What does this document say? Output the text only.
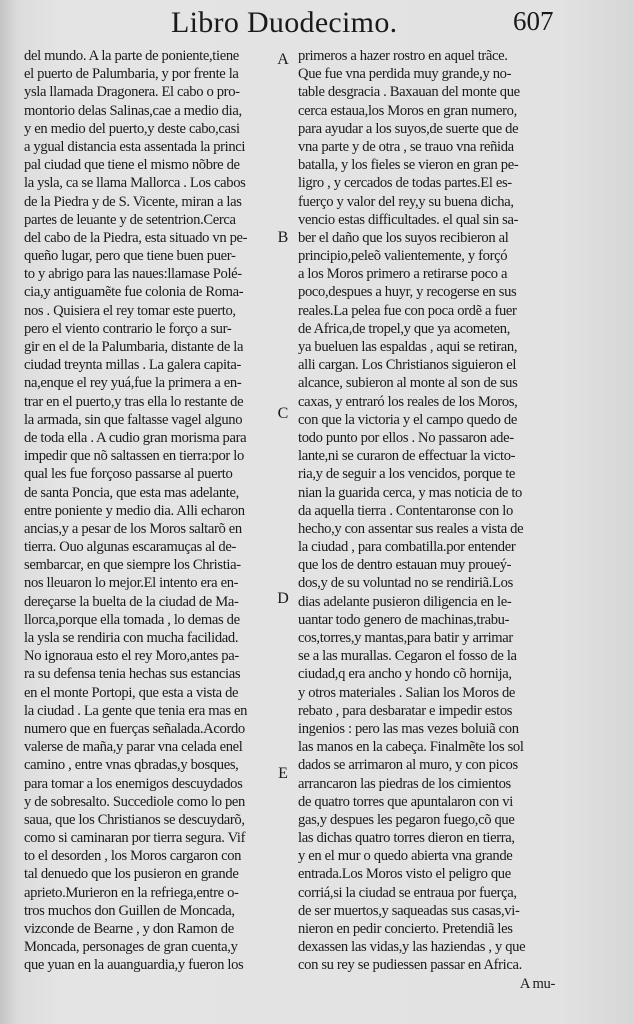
Libro Duodecimo.	607
del mundo. A la parte de poniente,tiene
el puerto de Palumbaria, y por frente la
ysla llamada Dragonera. El cabo o pro-
montorio delas Salinas,cae a medio dia,
y en medio del puerto,y deste cabo,casi
a ygual distancia esta assentada la princi
pal ciudad que tiene el mismo nõbre de
la ysla, ca se llama Mallorca . Los cabos
de la Piedra y de S. Vicente, miran a las
partes de leuante y de setentrion.Cerca
del cabo de la Piedra, esta situado vn pe-
queño lugar, pero que tiene buen puer-
to y abrigo para las naues:llamase Polé-
cia,y antiguamẽte fue colonia de Roma-
nos . Quisiera el rey tomar este puerto,
pero el viento contrario le forço a sur-
gir en el de la Palumbaria, distante de la
ciudad treynta millas . La galera capita-
na,enque el rey yuá,fue la primera a en-
trar en el puerto,y tras ella lo restante de
la armada, sin que faltasse vagel alguno
de toda ella . A cudio gran morisma para
impedir que nõ saltassen en tierra:por lo
qual les fue forçoso passarse al puerto
de santa Poncia, que esta mas adelante,
entre poniente y medio dia. Alli echaron
ancias,y a pesar de los Moros saltarõ en
tierra. Ouo algunas escaramuças al de-
sembarcar, en que siempre los Christia-
nos lleuaron lo mejor.El intento era en-
dereçarse la buelta de la ciudad de Ma-
llorca,porque ella tomada , lo demas de
la ysla se rendiria con mucha facilidad.
No ignoraua esto el rey Moro,antes pa-
ra su defensa tenia hechas sus estancias
en el monte Portopi, que esta a vista de
la ciudad . La gente que tenia era mas en
numero que en fuerças señalada.Acordo
valerse de maña,y parar vna celada enel
camino , entre vnas qbradas,y bosques,
para tomar a los enemigos descuydados
y de sobresalto. Succediole como lo pen
saua, que los Christianos se descuydarõ,
como si caminaran por tierra segura. Vif
to el desorden , los Moros cargaron con
tal denuedo que los pusieron en grande
aprieto.Murieron en la refriega,entre o-
tros muchos don Guillen de Moncada,
vizconde de Bearne , y don Ramon de
Moncada, personages de gran cuenta,y
que yuan en la auanguardia,y fueron los
primeros a hazer rostro en aquel trãce.
Que fue vna perdida muy grande,y no-
table desgracia . Baxauan del monte que
cerca estaua,los Moros en gran numero,
para ayudar a los suyos,de suerte que de
vna parte y de otra , se trauo vna reñida
batalla, y los fieles se vieron en gran pe-
ligro , y cercados de todas partes.El es-
fuerço y valor del rey,y su buena dicha,
vencio estas difficultades. el qual sin sa-
ber el daño que los suyos recibieron al
principio,peleõ valientemente, y forçó
a los Moros primero a retirarse poco a
poco,despues a huyr, y recogerse en sus
reales.La pelea fue con poca ordẽ a fuer
de Africa,de tropel,y que ya acometen,
ya bueluen las espaldas , aqui se retiran,
alli cargan. Los Christianos siguieron el
alcance, subieron al monte al son de sus
caxas, y entraró los reales de los Moros,
con que la victoria y el campo quedo de
todo punto por ellos . No passaron ade-
lante,ni se curaron de effectuar la victo-
ria,y de seguir a los vencidos, porque te
nian la guarida cerca, y mas noticia de to
da aquella tierra . Contentaronse con lo
hecho,y con assentar sus reales a vista de
la ciudad , para combatilla.por entender
que los de dentro estauan muy proueý-
dos,y de su voluntad no se rendiriã.Los
dias adelante pusieron diligencia en le-
uantar todo genero de machinas,trabu-
cos,torres,y mantas,para batir y arrimar
se a las murallas. Cegaron el fosso de la
ciudad,q era ancho y hondo cõ hornija,
y otros materiales . Salian los Moros de
rebato , para desbaratar e impedir estos
ingenios : pero las mas vezes boluiã con
las manos en la cabeça. Finalmẽte los sol
dados se arrimaron al muro, y con picos
arrancaron las piedras de los cimientos
de quatro torres que apuntalaron con vi
gas,y despues les pegaron fuego,cõ que
las dichas quatro torres dieron en tierra,
y en el mur o quedo abierta vna grande
entrada.Los Moros visto el peligro que
corriá,si la ciudad se entraua por fuerça,
de ser muertos,y saqueadas sus casas,vi-
nieron en pedir concierto. Pretendiã les
dexassen las vidas,y las haziendas , y que
con su rey se pudiessen passar en Africa.
A mu-
A
B
C
D
E
